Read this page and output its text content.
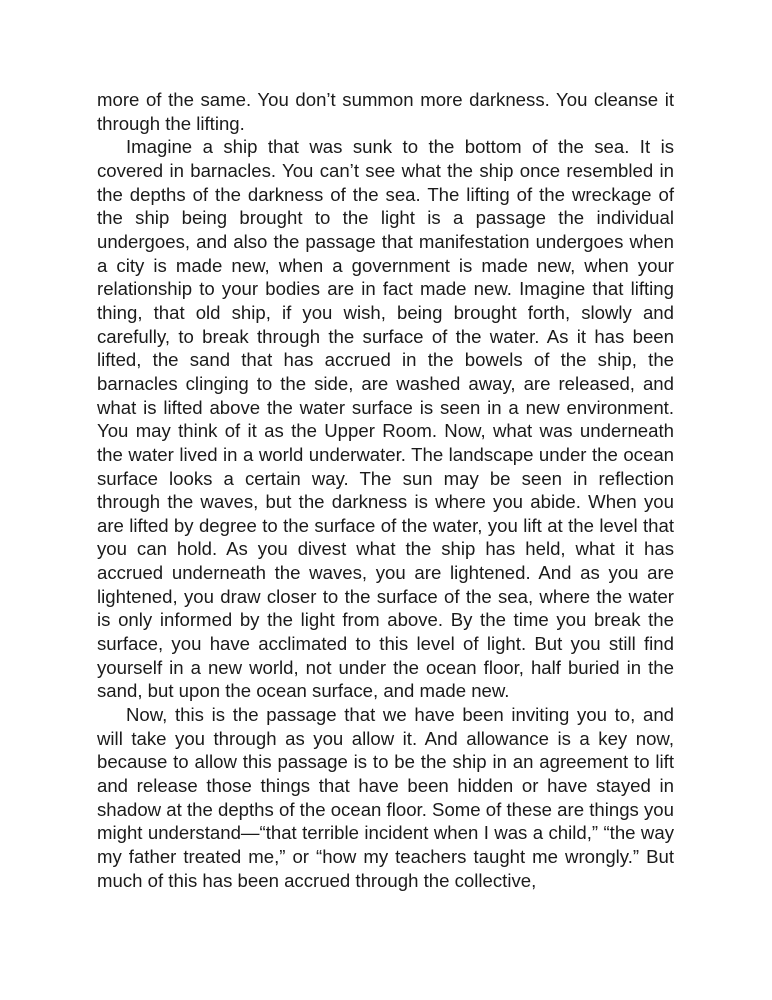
more of the same. You don’t summon more darkness. You cleanse it through the lifting.

Imagine a ship that was sunk to the bottom of the sea. It is covered in barnacles. You can’t see what the ship once resembled in the depths of the darkness of the sea. The lifting of the wreckage of the ship being brought to the light is a passage the individual undergoes, and also the passage that manifestation undergoes when a city is made new, when a government is made new, when your relationship to your bodies are in fact made new. Imagine that lifting thing, that old ship, if you wish, being brought forth, slowly and carefully, to break through the surface of the water. As it has been lifted, the sand that has accrued in the bowels of the ship, the barnacles clinging to the side, are washed away, are released, and what is lifted above the water surface is seen in a new environment. You may think of it as the Upper Room. Now, what was underneath the water lived in a world underwater. The landscape under the ocean surface looks a certain way. The sun may be seen in reflection through the waves, but the darkness is where you abide. When you are lifted by degree to the surface of the water, you lift at the level that you can hold. As you divest what the ship has held, what it has accrued underneath the waves, you are lightened. And as you are lightened, you draw closer to the surface of the sea, where the water is only informed by the light from above. By the time you break the surface, you have acclimated to this level of light. But you still find yourself in a new world, not under the ocean floor, half buried in the sand, but upon the ocean surface, and made new.

Now, this is the passage that we have been inviting you to, and will take you through as you allow it. And allowance is a key now, because to allow this passage is to be the ship in an agreement to lift and release those things that have been hidden or have stayed in shadow at the depths of the ocean floor. Some of these are things you might understand—“that terrible incident when I was a child,” “the way my father treated me,” or “how my teachers taught me wrongly.” But much of this has been accrued through the collective,
